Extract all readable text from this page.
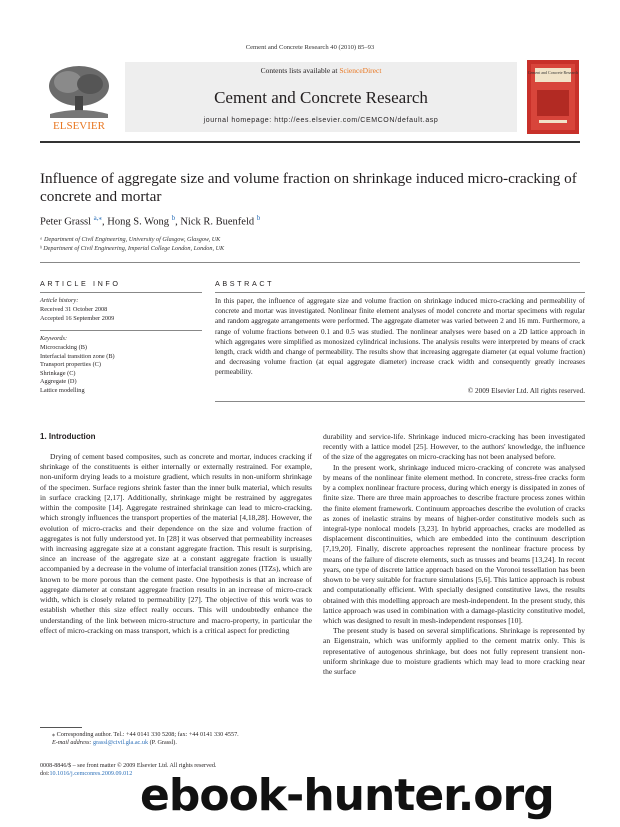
Cement and Concrete Research 40 (2010) 85–93
ELSEVIER
Contents lists available at ScienceDirect
Cement and Concrete Research
journal homepage: http://ees.elsevier.com/CEMCON/default.asp
Cement and Concrete Research
Influence of aggregate size and volume fraction on shrinkage induced micro-cracking of concrete and mortar
Peter Grassl $^{a,⁎}$, Hong S. Wong $^b$, Nick R. Buenfeld $^b$
ᵃ Department of Civil Engineering, University of Glasgow, Glasgow, UK
ᵇ Department of Civil Engineering, Imperial College London, London, UK
ARTICLE INFO	ABSTRACT
Article history:
Received 31 October 2008
Accepted 16 September 2009
Keywords:
Microcracking (B)
Interfacial transition zone (B)
Transport properties (C)
Shrinkage (C)
Aggregate (D)
Lattice modelling
In this paper, the influence of aggregate size and volume fraction on shrinkage induced micro-cracking and permeability of concrete and mortar was investigated. Nonlinear finite element analyses of model concrete and mortar specimens with regular and random aggregate arrangements were performed. The aggregate diameter was varied between 2 and 16 mm. Furthermore, a range of volume fractions between 0.1 and 0.5 was studied. The nonlinear analyses were based on a 2D lattice approach in which aggregates were simplified as monosized cylindrical inclusions. The analysis results were interpreted by means of crack length, crack width and change of permeability. The results show that increasing aggregate diameter (at equal volume fraction) and decreasing volume fraction (at equal aggregate diameter) increase crack width and consequently greatly increases permeability.
© 2009 Elsevier Ltd. All rights reserved.
1. Introduction

Drying of cement based composites, such as concrete and mortar, induces cracking if shrinkage of the constituents is either internally or externally restrained. For example, non-uniform drying leads to a moisture gradient, which results in non-uniform shrinkage of the specimen. Surface regions shrink faster than the inner bulk material, which results in surface cracking [2,17]. Additionally, shrinkage might be restrained by aggregates within the composite [14]. Aggregate restrained shrinkage can lead to micro-cracking, which strongly influences the transport properties of the material [4,18,28]. However, the evolution of micro-cracks and their dependence on the size and volume fraction of aggregates is not fully understood yet. In [28] it was observed that permeability increases with increasing aggregate size at a constant aggregate fraction. This result is surprising, since an increase of the aggregate size at a constant aggregate fraction is usually accompanied by a decrease in the volume of interfacial transition zones (ITZs), which are known to be more porous than the cement paste. One hypothesis is that an increase of aggregate diameter at constant aggregate fraction results in an increase of micro-crack width, which is closely related to permeability [27]. The objective of this work was to establish whether this size effect really occurs. This will undoubtedly enhance the understanding of the link between micro-structure and macro-property, in particular the effect of micro-cracking on mass transport, which is a critical aspect for predicting

durability and service-life. Shrinkage induced micro-cracking has been investigated recently with a lattice model [25]. However, to the authors' knowledge, the influence of the size of the aggregates on micro-cracking has not been analysed before.

In the present work, shrinkage induced micro-cracking of concrete was analysed by means of the nonlinear finite element method. In concrete, stress-free cracks form by a complex nonlinear fracture process, during which energy is dissipated in zones of finite size. There are three main approaches to describe fracture process zones within the finite element framework. Continuum approaches describe the evolution of cracks as zones of inelastic strains by means of higher-order constitutive models such as integral-type nonlocal models [3,23]. In hybrid approaches, cracks are modelled as displacement discontinuities, which are embedded into the continuum description [7,19,20]. Finally, discrete approaches represent the nonlinear fracture process by means of the failure of discrete elements, such as trusses and beams [13,24]. In recent years, one type of discrete lattice approach based on the Voronoi tessellation has been shown to be very suitable for fracture simulations [5,6]. This lattice approach is robust and computationally efficient. With specially designed constitutive laws, the results obtained with this modelling approach are mesh-independent. In the present study, this lattice approach was used in combination with a damage-plasticity constitutive model, which was designed to result in mesh-independent responses [10].

The present study is based on several simplifications. Shrinkage is represented by an Eigenstrain, which was uniformly applied to the cement matrix only. This is representative of autogenous shrinkage, but does not fully represent transient non-uniform shrinkage due to moisture gradients which may lead to more cracking near the surface

⁎ Corresponding author. Tel.: +44 0141 330 5208; fax: +44 0141 330 4557.
E-mail address: grassl@civil.gla.ac.uk (P. Grassl).
0008-8846/$ – see front matter © 2009 Elsevier Ltd. All rights reserved.
doi:10.1016/j.cemconres.2009.09.012 ebook-hunter.org
